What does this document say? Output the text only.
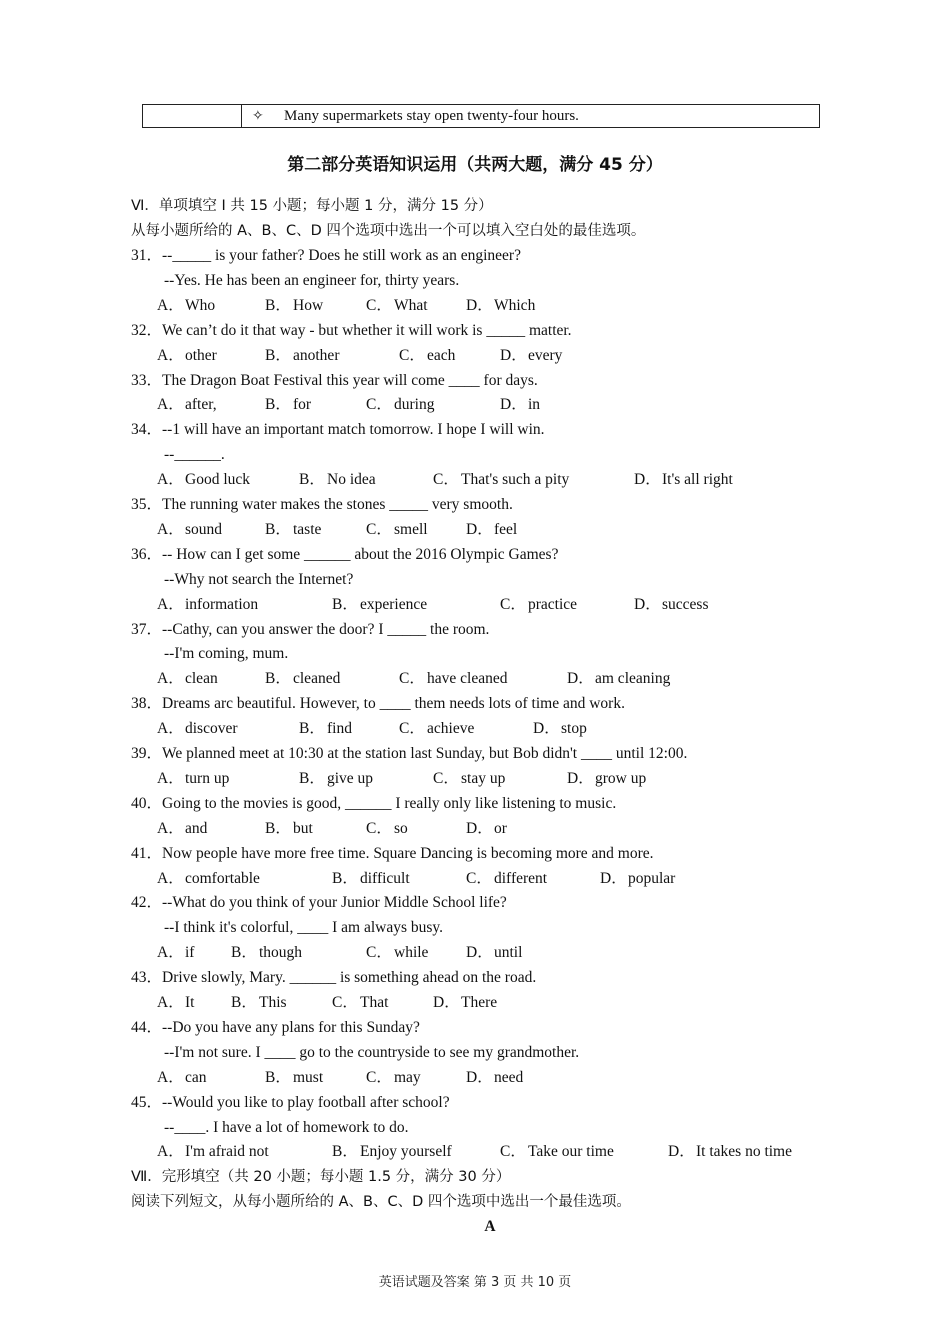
✧	Many supermarkets stay open twenty-four hours.
第二部分英语知识运用（共两大题，满分 45 分）
Ⅵ．单项填空 I 共 15 小题；每小题 1 分，满分 15 分）
从每小题所给的 A、B、C、D 四个选项中选出一个可以填入空白处的最佳选项。
31．--_____ is your father? Does he still work as an engineer?
--Yes. He has been an engineer for, thirty years.
A．Who	B． How	C． What D．Which
32．We can’t do it that way - but whether it will work is _____ matter.
A．other	B． another	C． each	D．every
33．The Dragon Boat Festival this year will come ____ for days.
A．after,	B． for	C． during	D．in
34．--1 will have an important match tomorrow. I hope I will win.
--______.
A．Good luck	B． No idea	C． That's such a pity	D．It's all right
35．The running water makes the stones _____ very smooth.
A．sound	B． taste	C． smell D．feel
36．-- How can I get some ______ about the 2016 Olympic Games?
--Why not search the Internet?
A．information	B． experience	C． practice	D．success
37．--Cathy, can you answer the door? I _____ the room.
--I'm coming, mum.
A．clean	B． cleaned	C． have cleaned	D．am cleaning
38．Dreams arc beautiful. However, to ____ them needs lots of time and work.
A．discover	B． find	C． achieve	D．stop
39．We planned meet at 10:30 at the station last Sunday, but Bob didn't ____ until 12:00.
A．turn up	B． give up	C． stay up	D．grow up
40．Going to the movies is good, ______ I really only like listening to music.
A．and	B． but	C． so	D．or
41．Now people have more free time. Square Dancing is becoming more and more.
A．comfortable	B． difficult	C． different	D．popular
42．--What do you think of your Junior Middle School life?
--I think it's colorful, ____ I am always busy.
A．if B． though	C． while D．until
43．Drive slowly, Mary. ______ is something ahead on the road.
A．It B． This	C． That	D．There
44．--Do you have any plans for this Sunday?
--I'm not sure. I ____ go to the countryside to see my grandmother.
A．can	B． must	C． may	D．need
45．--Would you like to play football after school?
--____. I have a lot of homework to do.
A．I'm afraid not	B． Enjoy yourself	C． Take our time	D．It takes no time
Ⅶ．完形填空（共 20 小题；每小题 1.5 分，满分 30 分）
阅读下列短文，从每小题所给的 A、B、C、D 四个选项中选出一个最佳选项。
A
英语试题及答案 第 3 页 共 10 页
